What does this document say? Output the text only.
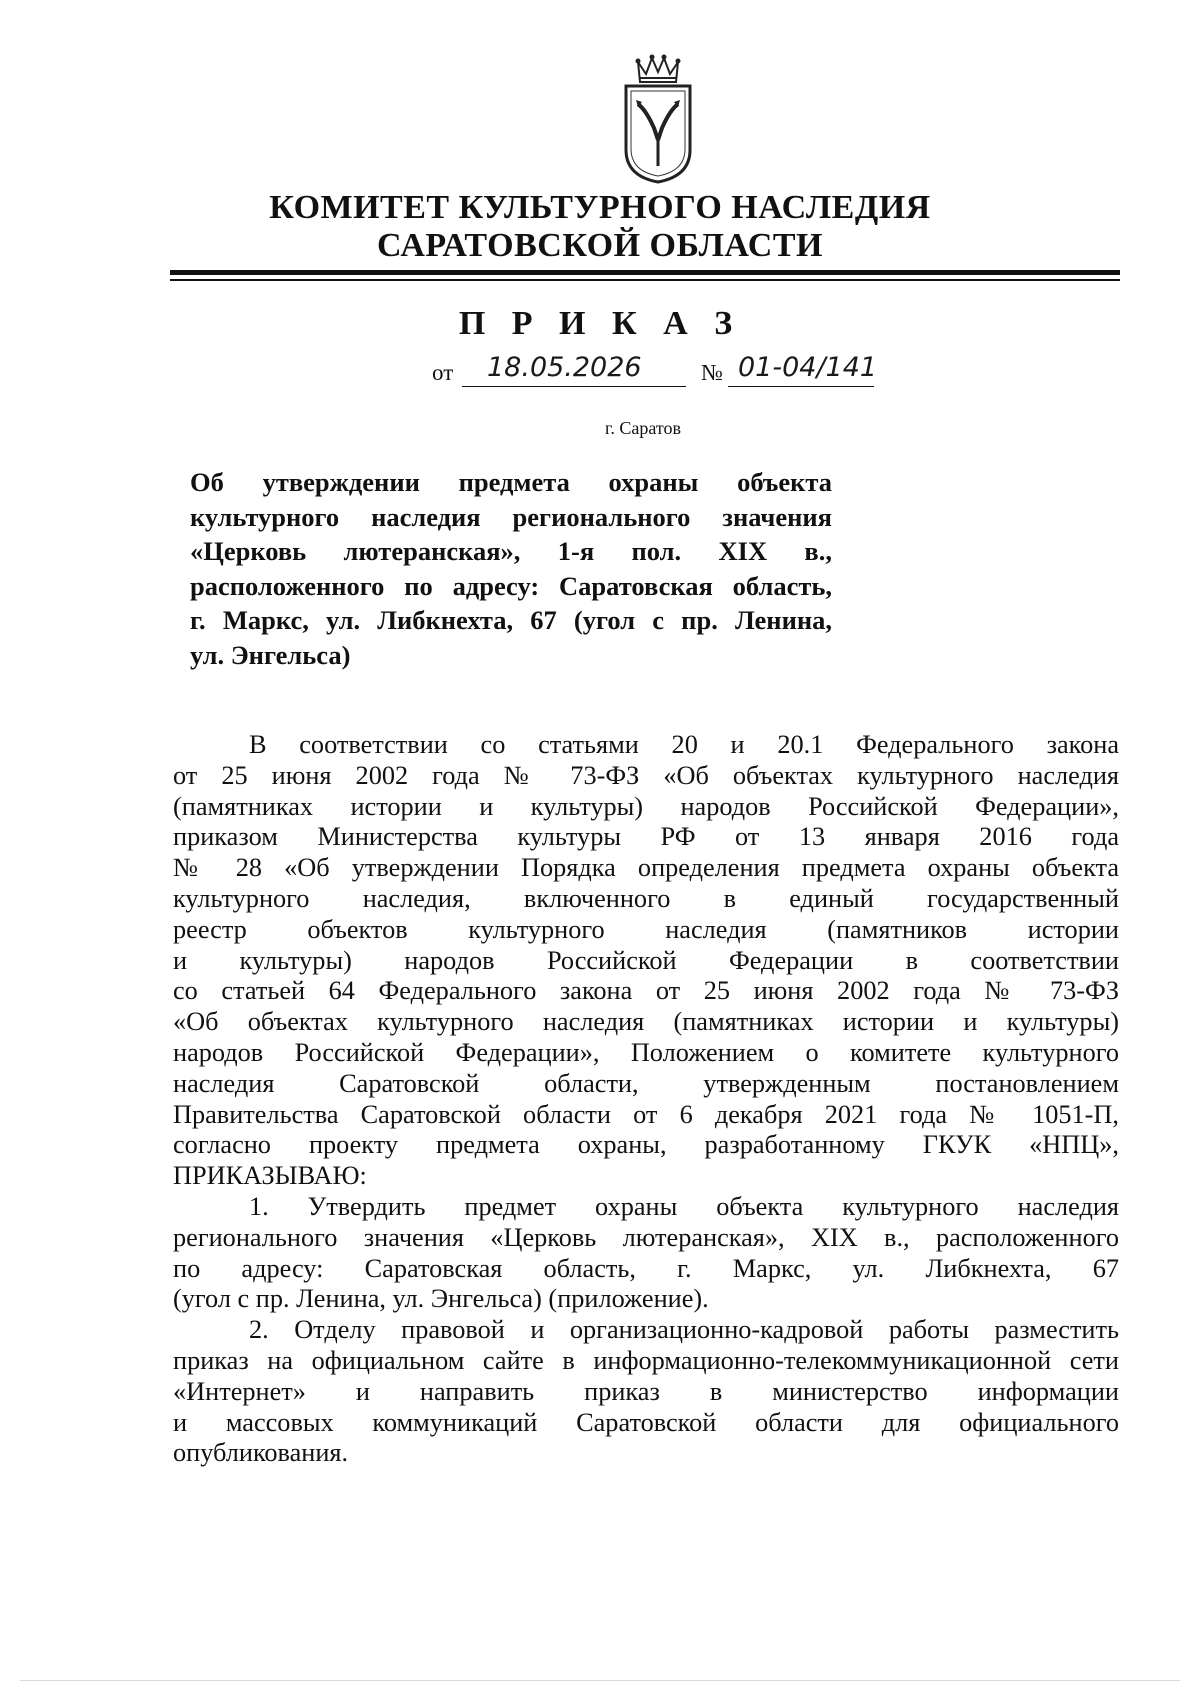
КОМИТЕТ КУЛЬТУРНОГО НАСЛЕДИЯ
САРАТОВСКОЙ ОБЛАСТИ
П Р И К А З
от 18.05.2026	№ 01-04/141
г. Саратов
Об утверждении предмета охраны объекта
культурного наследия регионального значения
«Церковь лютеранская», 1-я пол. XIX в.,
расположенного по адресу: Саратовская область,
г. Маркс, ул. Либкнехта, 67 (угол с пр. Ленина,
ул. Энгельса)
В соответствии со статьями 20 и 20.1 Федерального закона
от 25 июня 2002 года № 73-ФЗ «Об объектах культурного наследия
(памятниках истории и культуры) народов Российской Федерации»,
приказом Министерства культуры РФ от 13 января 2016 года
№ 28 «Об утверждении Порядка определения предмета охраны объекта
культурного наследия, включенного в единый государственный
реестр объектов культурного наследия (памятников истории
и культуры) народов Российской Федерации в соответствии
со статьей 64 Федерального закона от 25 июня 2002 года № 73-ФЗ
«Об объектах культурного наследия (памятниках истории и культуры)
народов Российской Федерации», Положением о комитете культурного
наследия Саратовской области, утвержденным постановлением
Правительства Саратовской области от 6 декабря 2021 года № 1051-П,
согласно проекту предмета охраны, разработанному ГКУК «НПЦ»,
ПРИКАЗЫВАЮ:
1. Утвердить предмет охраны объекта культурного наследия
регионального значения «Церковь лютеранская», XIX в., расположенного
по адресу: Саратовская область, г. Маркс, ул. Либкнехта, 67
(угол с пр. Ленина, ул. Энгельса) (приложение).
2. Отделу правовой и организационно-кадровой работы разместить
приказ на официальном сайте в информационно-телекоммуникационной сети
«Интернет» и направить приказ в министерство информации
и массовых коммуникаций Саратовской области для официального
опубликования.
